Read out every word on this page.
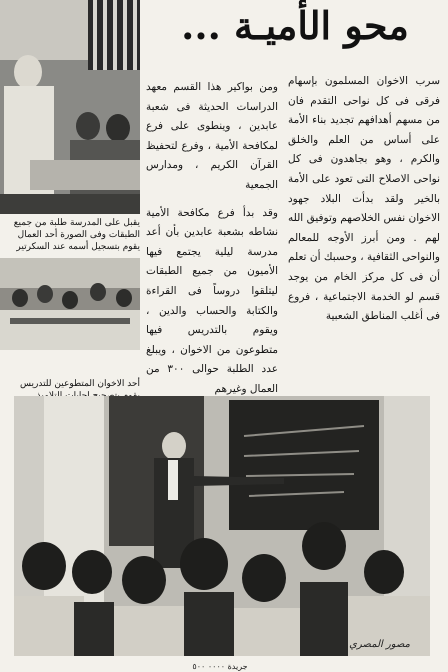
محو الأميـة ...
يقبل على المدرسة طلبة من جميع الطبقات وفى الصورة أحد العمال يقوم بتسجيل أسمه عند السكرتير
أحد الاخوان المتطوعين للتدريس

ومن بواكير هذا القسم معهد الدراسات الحديثة فى شعبة عابدين ، وينطوى على فرع لمكافحة الأمية ، وفرع لتحفيظ القرآن الكريم ، ومدارس الجمعية

وقد بدأ فرع مكافحة الأمية نشاطه بشعبة عابدين بأن أعد مدرسة ليلية يجتمع فيها الأميون من جميع الطبقات ليتلقوا دروساً فى القراءة والكتابة والحساب والدين ، ويقوم بالتدريس فيها متطوعون من الاخوان ، ويبلغ عدد الطلبة حوالى ٣٠٠ من العمال وغيرهم

سرب الاخوان المسلمون بإسهام فرقى فى كل نواحى التقدم فان من مسهم أهدافهم تجديد بناء الأمة على أساس من العلم والخلق والكرم ، وهو بجاهدون فى كل نواحى الاصلاح التى تعود على الأمة بالخير ولقد بدأت البلاد جهود الاخوان نفس الخلاصهم وتوفيق الله لهم . ومن أبرز الأوجه للمعالم والنواحى الثقافية ، وحسبك أن تعلم أن فى كل مرکز الخام من يوجد قسم لو الخدمة الاجتماعية ، فروع فى أغلب المناطق الشعبية

مصور المصري
جريدة ٠٠٠٠ ٥٠٠
